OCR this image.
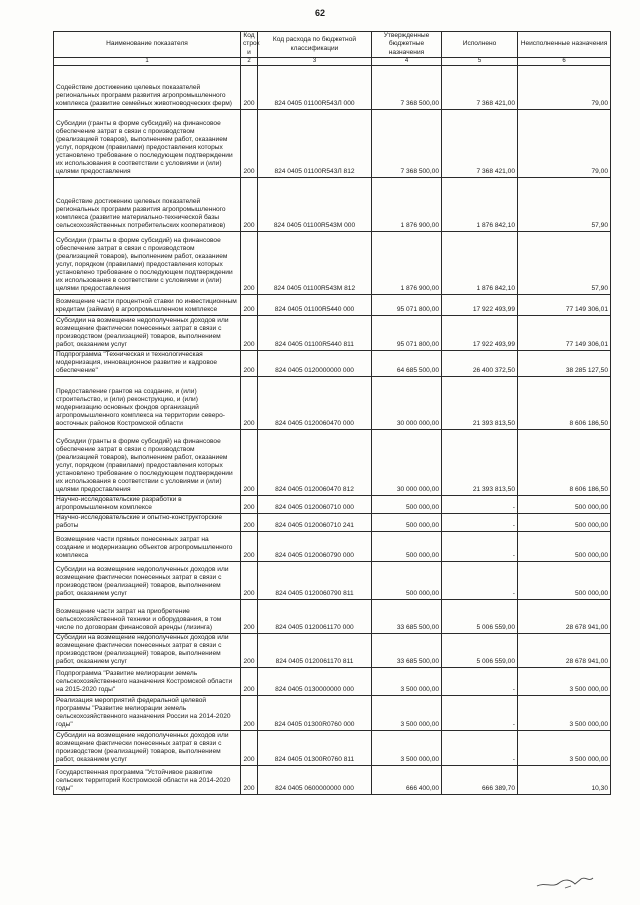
62
Наименование показателя	Код строк и	Код расхода по бюджетной классификации	Утвержденные бюджетные назначения	Исполнено	Неисполненные назначения
1	2	3	4	5	6
Содействие достижению целевых показателей региональных программ развития агропромышленного комплекса (развитие семейных животноводческих ферм)	200	824 0405 01100R543Л 000	7 368 500,00	7 368 421,00	79,00
Субсидии (гранты в форме субсидий) на финансовое обеспечение затрат в связи с производством (реализацией товаров), выполнением работ, оказанием услуг, порядком (правилами) предоставления которых установлено требование о последующем подтверждении их использования в соответствии с условиями и (или) целями предоставления	200	824 0405 01100R543Л 812	7 368 500,00	7 368 421,00	79,00
Содействие достижению целевых показателей региональных программ развития агропромышленного комплекса (развитие материально-технической базы сельскохозяйственных потребительских кооперативов)	200	824 0405 01100R543М 000	1 876 900,00	1 876 842,10	57,90
Субсидии (гранты в форме субсидий) на финансовое обеспечение затрат в связи с производством (реализацией товаров), выполнением работ, оказанием услуг, порядком (правилами) предоставления которых установлено требование о последующем подтверждении их использования в соответствии с условиями и (или) целями предоставления	200	824 0405 01100R543М 812	1 876 900,00	1 876 842,10	57,90
Возмещение части процентной ставки по инвестиционным кредитам (займам) в агропромышленном комплексе	200	824 0405 01100R5440 000	95 071 800,00	17 922 493,99	77 149 306,01
Субсидии на возмещение недополученных доходов или возмещение фактически понесенных затрат в связи с производством (реализацией) товаров, выполнением работ, оказанием услуг	200	824 0405 01100R5440 811	95 071 800,00	17 922 493,99	77 149 306,01
Подпрограмма "Техническая и технологическая модернизация, инновационное развитие и кадровое обеспечение"	200	824 0405 0120000000 000	64 685 500,00	26 400 372,50	38 285 127,50
Предоставление грантов на создание, и (или) строительство, и (или) реконструкцию, и (или) модернизацию основных фондов организаций агропромышленного комплекса на территории северо-восточных районов Костромской области	200	824 0405 0120060470 000	30 000 000,00	21 393 813,50	8 606 186,50
Субсидии (гранты в форме субсидий) на финансовое обеспечение затрат в связи с производством (реализацией товаров), выполнением работ, оказанием услуг, порядком (правилами) предоставления которых установлено требование о последующем подтверждении их использования в соответствии с условиями и (или) целями предоставления	200	824 0405 0120060470 812	30 000 000,00	21 393 813,50	8 606 186,50
Научно-исследовательские разработки в агропромышленном комплексе	200	824 0405 0120060710 000	500 000,00	-	500 000,00
Научно-исследовательские и опытно-конструкторские работы	200	824 0405 0120060710 241	500 000,00	-	500 000,00
Возмещение части прямых понесенных затрат на создание и модернизацию объектов агропромышленного комплекса	200	824 0405 0120060790 000	500 000,00	-	500 000,00
Субсидии на возмещение недополученных доходов или возмещение фактически понесенных затрат в связи с производством (реализацией) товаров, выполнением работ, оказанием услуг	200	824 0405 0120060790 811	500 000,00	-	500 000,00
Возмещение части затрат на приобретение сельскохозяйственной техники и оборудования, в том числе по договорам финансовой аренды (лизинга)	200	824 0405 0120061170 000	33 685 500,00	5 006 559,00	28 678 941,00
Субсидии на возмещение недополученных доходов или возмещение фактически понесенных затрат в связи с производством (реализацией) товаров, выполнением работ, оказанием услуг	200	824 0405 0120061170 811	33 685 500,00	5 006 559,00	28 678 941,00
Подпрограмма "Развитие мелиорации земель сельскохозяйственного назначения Костромской области на 2015-2020 годы"	200	824 0405 0130000000 000	3 500 000,00	-	3 500 000,00
Реализация мероприятий федеральной целевой программы "Развитие мелиорации земель сельскохозяйственного назначения России на 2014-2020 годы"	200	824 0405 01300R0760 000	3 500 000,00	-	3 500 000,00
Субсидии на возмещение недополученных доходов или возмещение фактически понесенных затрат в связи с производством (реализацией) товаров, выполнением работ, оказанием услуг	200	824 0405 01300R0760 811	3 500 000,00	-	3 500 000,00
Государственная программа "Устойчивое развитие сельских территорий Костромской области на 2014-2020 годы"	200	824 0405 0600000000 000	666 400,00	666 389,70	10,30
